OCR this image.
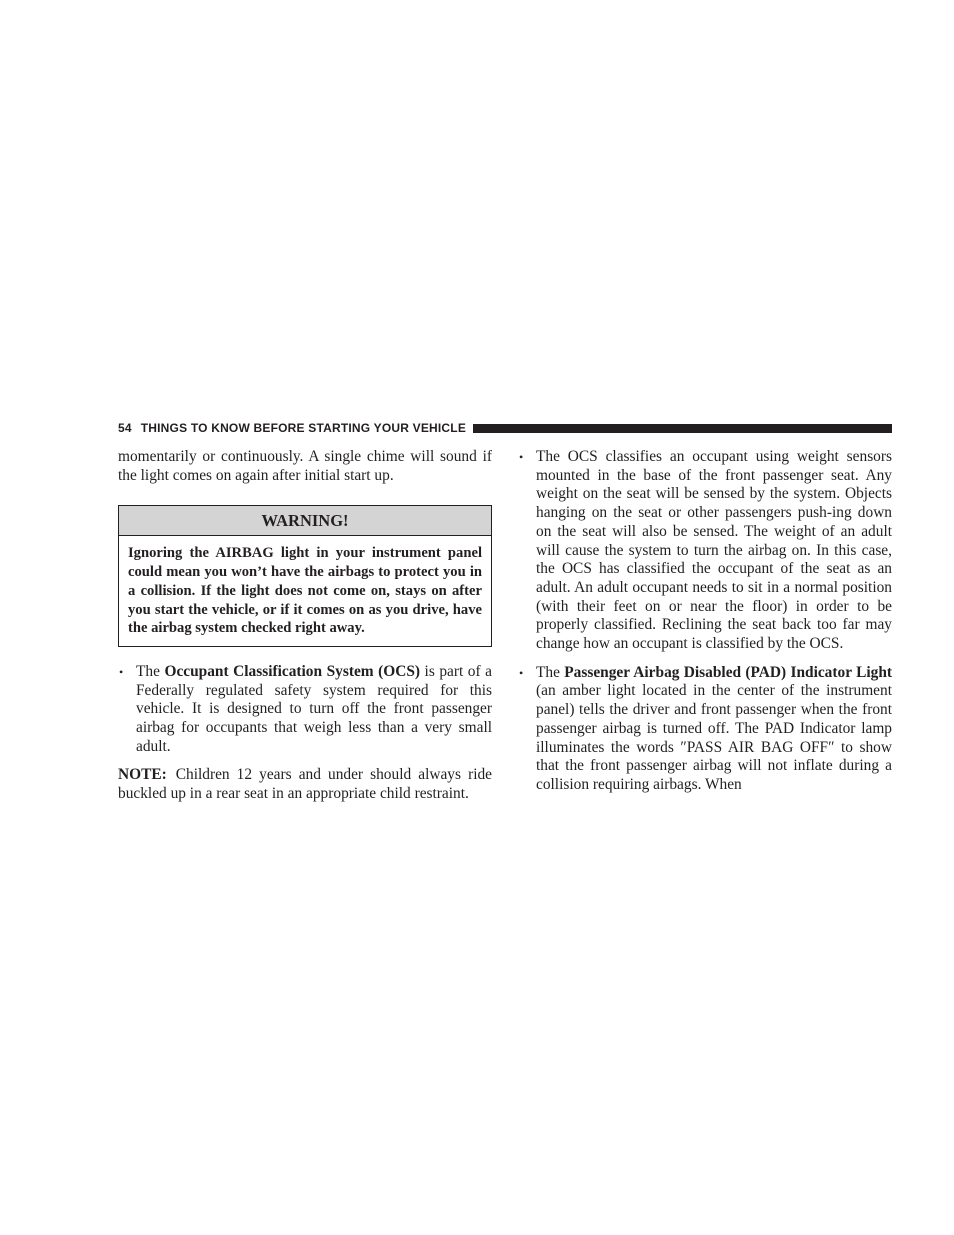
54 THINGS TO KNOW BEFORE STARTING YOUR VEHICLE

momentarily or continuously. A single chime will sound if the light comes on again after initial start up.

WARNING!
Ignoring the AIRBAG light in your instrument panel could mean you won’t have the airbags to protect you in a collision. If the light does not come on, stays on after you start the vehicle, or if it comes on as you drive, have the airbag system checked right away.
• The Occupant Classification System (OCS) is part of a Federally regulated safety system required for this vehicle. It is designed to turn off the front passenger airbag for occupants that weigh less than a very small adult.

NOTE: Children 12 years and under should always ride buckled up in a rear seat in an appropriate child restraint.

• The OCS classifies an occupant using weight sensors mounted in the base of the front passenger seat. Any weight on the seat will be sensed by the system. Objects hanging on the seat or other passengers push-ing down on the seat will also be sensed. The weight of an adult will cause the system to turn the airbag on. In this case, the OCS has classified the occupant of the seat as an adult. An adult occupant needs to sit in a normal position (with their feet on or near the floor) in order to be properly classified. Reclining the seat back too far may change how an occupant is classified by the OCS.
• The Passenger Airbag Disabled (PAD) Indicator Light (an amber light located in the center of the instrument panel) tells the driver and front passenger when the front passenger airbag is turned off. The PAD Indicator lamp illuminates the words ″PASS AIR BAG OFF″ to show that the front passenger airbag will not inflate during a collision requiring airbags. When
